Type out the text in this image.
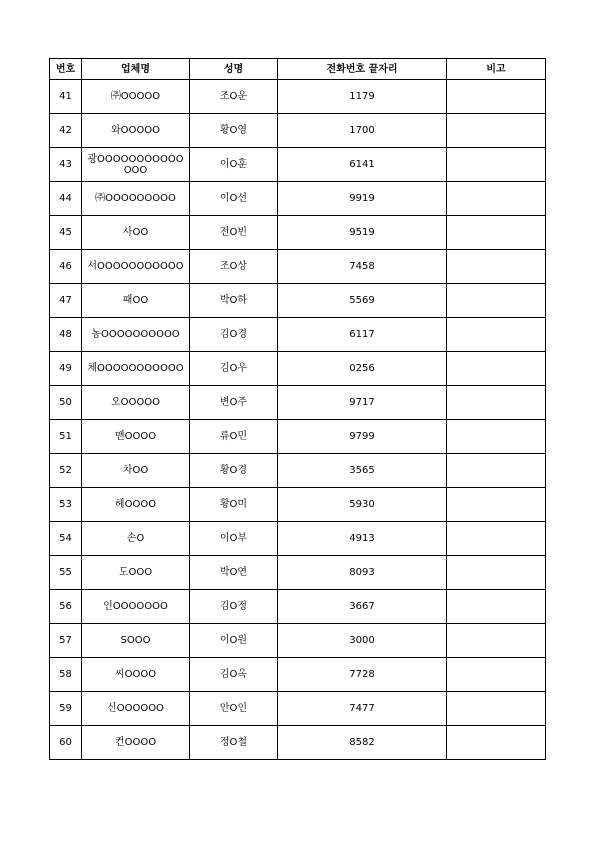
번호	업체명	성명	전화번호 끝자리	비고
41	㈜OOOOO	조O운	1179	
42	와OOOOO	황O영	1700	
43	광OOOOOOOOOOOOOO	이O훈	6141	
44	㈜OOOOOOOOO	이O선	9919	
45	사OO	전O빈	9519	
46	서OOOOOOOOOOO	조O상	7458	
47	패OO	박O하	5569	
48	농OOOOOOOOOO	김O경	6117	
49	체OOOOOOOOOOO	김O우	0256	
50	오OOOOO	변O주	9717	
51	맨OOOO	류O민	9799	
52	차OO	황O경	3565	
53	헤OOOO	황O미	5930	
54	손O	이O부	4913	
55	도OOO	박O연	8093	
56	인OOOOOOO	김O정	3667	
57	SOOO	이O원	3000	
58	씨OOOO	김O옥	7728	
59	신OOOOOO	안O인	7477	
60	컨OOOO	정O철	8582	
